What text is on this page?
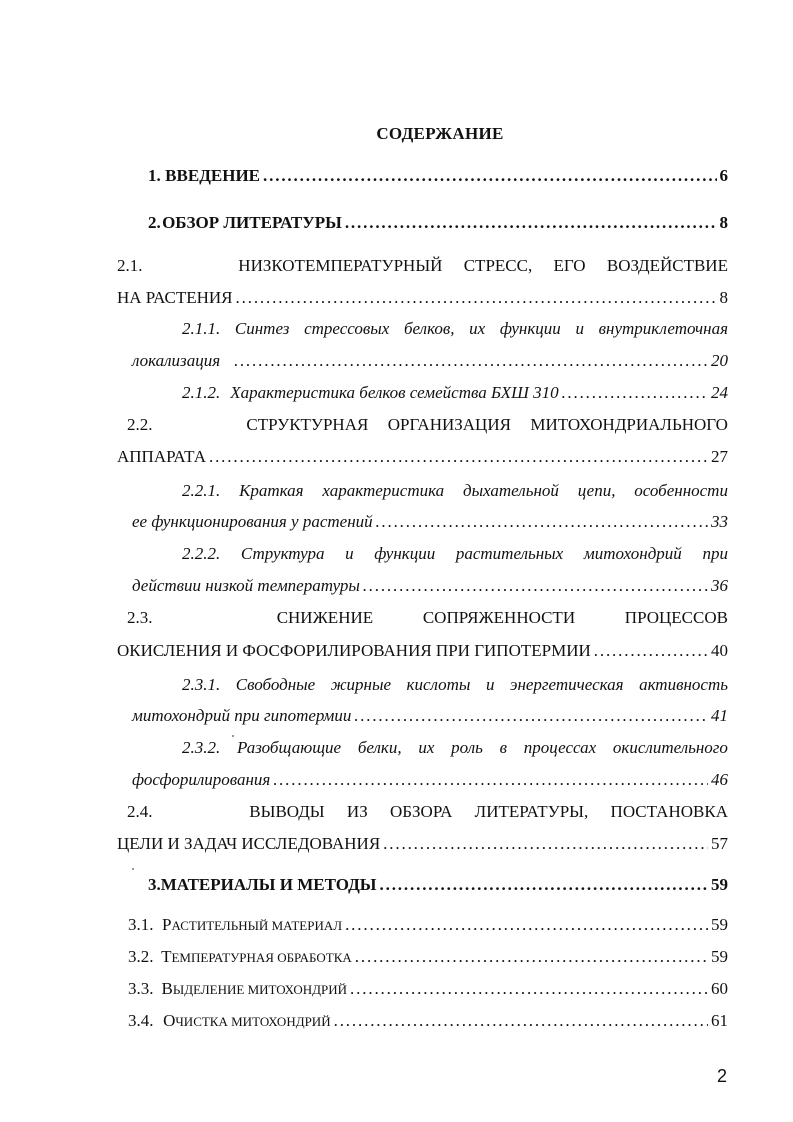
СОДЕРЖАНИЕ
1. ВВЕДЕНИЕ . . .	6
2. ОБЗОР ЛИТЕРАТУРЫ . . .	8
2.1.	НИЗКОТЕМПЕРАТУРНЫЙ СТРЕСС, ЕГО ВОЗДЕЙСТВИЕ
НА РАСТЕНИЯ . . .	8
2.1.1. Синтез стрессовых белков, их функции и внутриклеточная
локализация . . .	20
2.1.2. Характеристика белков семейства БХШ 310 . . .	24
2.2.	СТРУКТУРНАЯ ОРГАНИЗАЦИЯ МИТОХОНДРИАЛЬНОГО
АППАРАТА . . .	27
2.2.1. Краткая характеристика дыхательной цепи, особенности
ее функционирования у растений . . .	33
2.2.2. Структура и функции растительных митохондрий при
действии низкой температуры . . .	36
2.3.	СНИЖЕНИЕ	СОПРЯЖЕННОСТИ	ПРОЦЕССОВ
ОКИСЛЕНИЯ И ФОСФОРИЛИРОВАНИЯ ПРИ ГИПОТЕРМИИ . . .	40
2.3.1. Свободные жирные кислоты и энергетическая активность
митохондрий при гипотермии . . .	41
2.3.2. Разобщающие белки, их роль в процессах окислительного
фосфорилирования . . .	46
2.4.	ВЫВОДЫ ИЗ ОБЗОРА ЛИТЕРАТУРЫ, ПОСТАНОВКА
ЦЕЛИ И ЗАДАЧ ИССЛЕДОВАНИЯ . . .	57
3. МАТЕРИАЛЫ И МЕТОДЫ . . .	59
3.1. РАСТИТЕЛЬНЫЙ МАТЕРИАЛ . . .	59
3.2. ТЕМПЕРАТУРНАЯ ОБРАБОТКА . . .	59
3.3. ВЫДЕЛЕНИЕ МИТОХОНДРИЙ . . .	60
3.4. ОЧИСТКА МИТОХОНДРИЙ . . .	61
2
